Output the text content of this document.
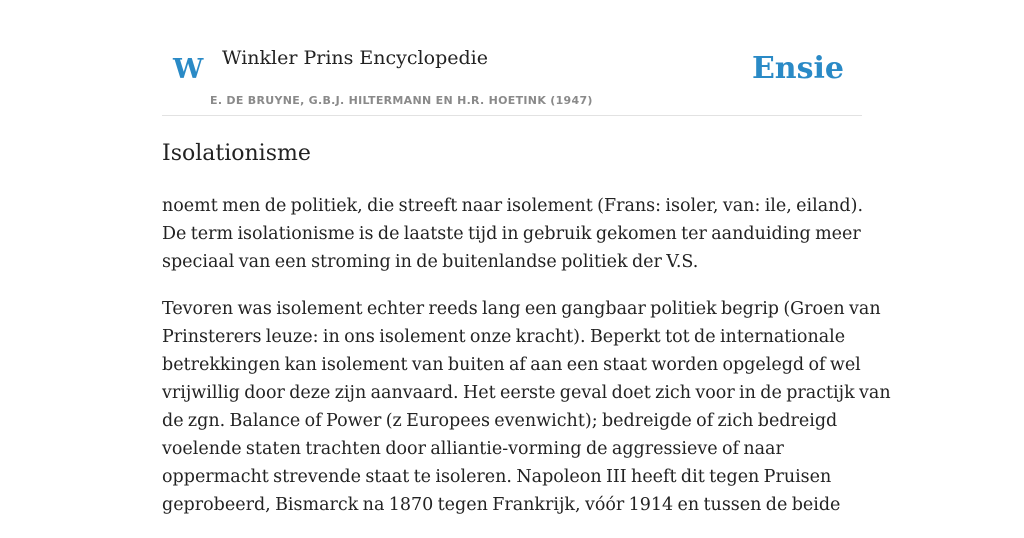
W Winkler Prins Encyclopedie
E. DE BRUYNE, G.B.J. HILTERMANN EN H.R. HOETINK (1947)
Ensie
Isolationisme

noemt men de politiek, die streeft naar isolement (Frans: isoler, van: ile, eiland).
De term isolationisme is de laatste tijd in gebruik gekomen ter aanduiding meer
speciaal van een stroming in de buitenlandse politiek der V.S.

Tevoren was isolement echter reeds lang een gangbaar politiek begrip (Groen van
Prinsterers leuze: in ons isolement onze kracht). Beperkt tot de internationale
betrekkingen kan isolement van buiten af aan een staat worden opgelegd of wel
vrijwillig door deze zijn aanvaard. Het eerste geval doet zich voor in de practijk van
de zgn. Balance of Power (z Europees evenwicht); bedreigde of zich bedreigd
voelende staten trachten door alliantie-vorming de aggressieve of naar
oppermacht strevende staat te isoleren. Napoleon III heeft dit tegen Pruisen
geprobeerd, Bismarck na 1870 tegen Frankrijk, vóór 1914 en tussen de beide
